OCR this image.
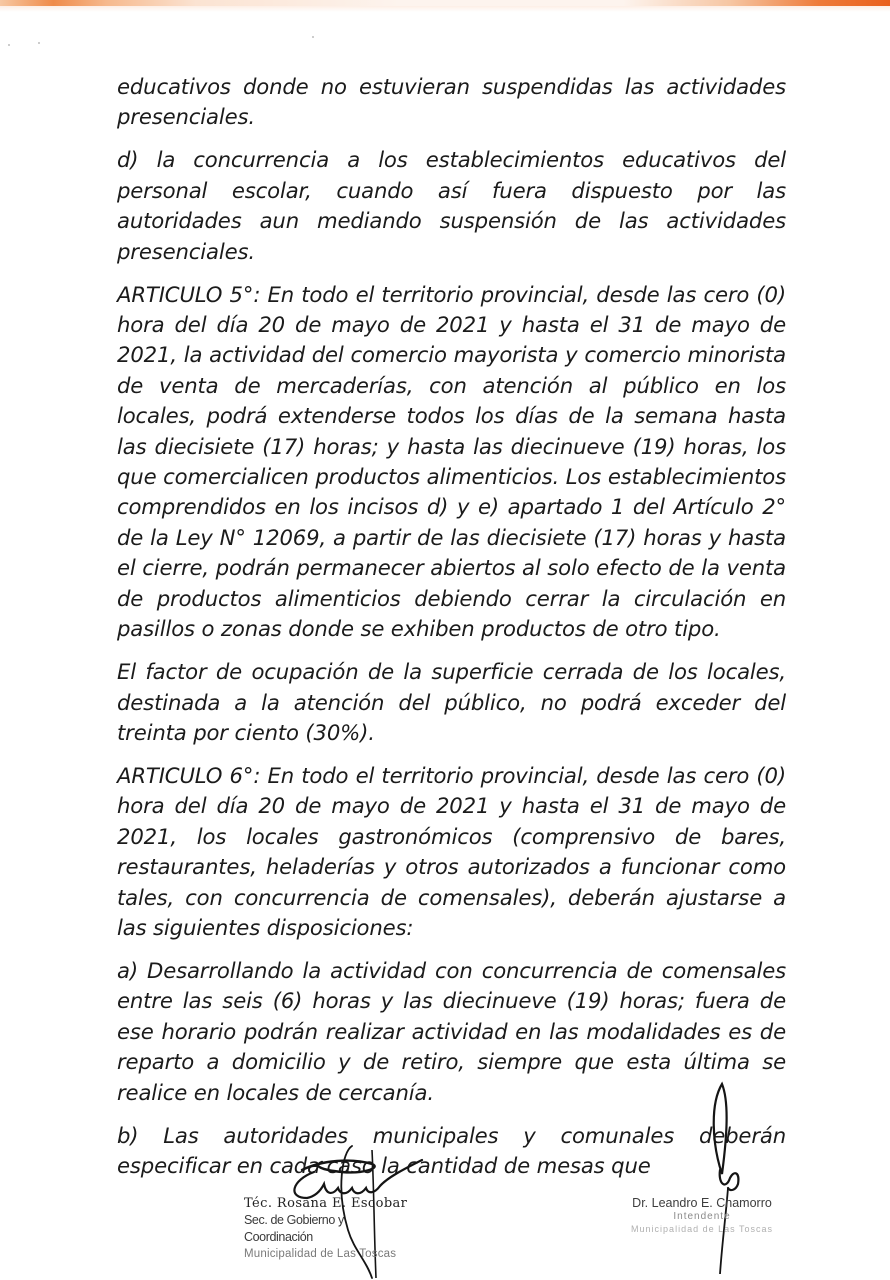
educativos donde no estuvieran suspendidas las actividades presenciales.

d) la concurrencia a los establecimientos educativos del personal escolar, cuando así fuera dispuesto por las autoridades aun mediando suspensión de las actividades presenciales.

ARTICULO 5°: En todo el territorio provincial, desde las cero (0) hora del día 20 de mayo de 2021 y hasta el 31 de mayo de 2021, la actividad del comercio mayorista y comercio minorista de venta de mercaderías, con atención al público en los locales, podrá extenderse todos los días de la semana hasta las diecisiete (17) horas; y hasta las diecinueve (19) horas, los que comercialicen productos alimenticios. Los establecimientos comprendidos en los incisos d) y e) apartado 1 del Artículo 2° de la Ley N° 12069, a partir de las diecisiete (17) horas y hasta el cierre, podrán permanecer abiertos al solo efecto de la venta de productos alimenticios debiendo cerrar la circulación en pasillos o zonas donde se exhiben productos de otro tipo.

El factor de ocupación de la superficie cerrada de los locales, destinada a la atención del público, no podrá exceder del treinta por ciento (30%).

ARTICULO 6°: En todo el territorio provincial, desde las cero (0) hora del día 20 de mayo de 2021 y hasta el 31 de mayo de 2021, los locales gastronómicos (comprensivo de bares, restaurantes, heladerías y otros autorizados a funcionar como tales, con concurrencia de comensales), deberán ajustarse a las siguientes disposiciones:

a) Desarrollando la actividad con concurrencia de comensales entre las seis (6) horas y las diecinueve (19) horas; fuera de ese horario podrán realizar actividad en las modalidades es de reparto a domicilio y de retiro, siempre que esta última se realice en locales de cercanía.

b) Las autoridades municipales y comunales deberán especificar en cada caso la cantidad de mesas que

Téc. Rosana E. Escobar
Sec. de Gobierno y Coordinación
Municipalidad de Las Toscas
Dr. Leandro E. Chamorro
Intendente
Municipalidad de Las Toscas
